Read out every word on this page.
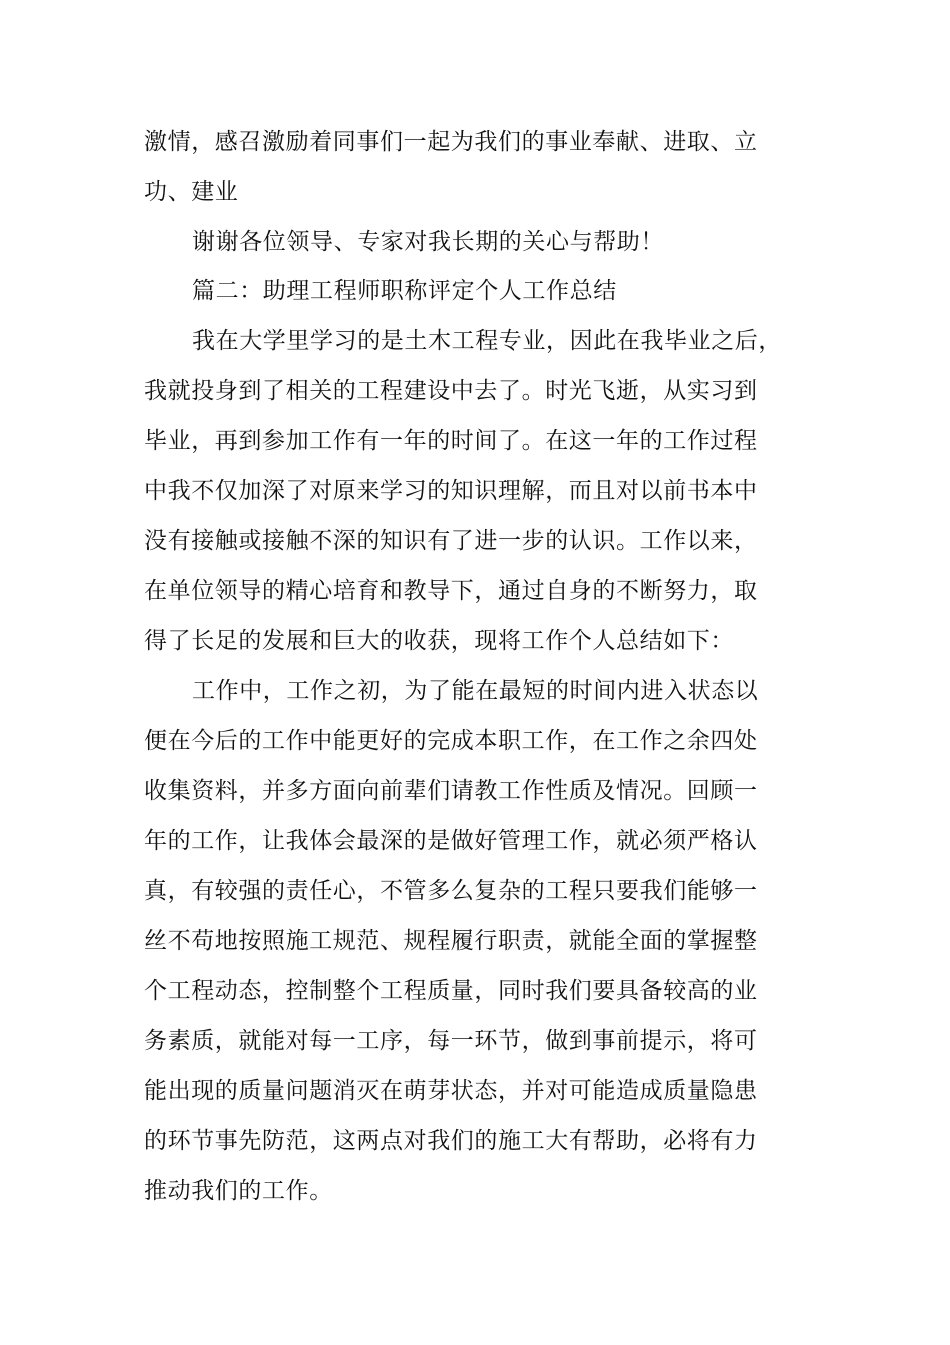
激情，感召激励着同事们一起为我们的事业奉献、进取、立
功、建业
谢谢各位领导、专家对我长期的关心与帮助！
篇二：助理工程师职称评定个人工作总结
我在大学里学习的是土木工程专业，因此在我毕业之后，
我就投身到了相关的工程建设中去了。时光飞逝，从实习到
毕业，再到参加工作有一年的时间了。在这一年的工作过程
中我不仅加深了对原来学习的知识理解，而且对以前书本中
没有接触或接触不深的知识有了进一步的认识。工作以来，
在单位领导的精心培育和教导下，通过自身的不断努力，取
得了长足的发展和巨大的收获，现将工作个人总结如下：
工作中，工作之初，为了能在最短的时间内进入状态以
便在今后的工作中能更好的完成本职工作，在工作之余四处
收集资料，并多方面向前辈们请教工作性质及情况。回顾一
年的工作，让我体会最深的是做好管理工作，就必须严格认
真，有较强的责任心，不管多么复杂的工程只要我们能够一
丝不苟地按照施工规范、规程履行职责，就能全面的掌握整
个工程动态，控制整个工程质量，同时我们要具备较高的业
务素质，就能对每一工序，每一环节，做到事前提示，将可
能出现的质量问题消灭在萌芽状态，并对可能造成质量隐患
的环节事先防范，这两点对我们的施工大有帮助，必将有力
推动我们的工作。
